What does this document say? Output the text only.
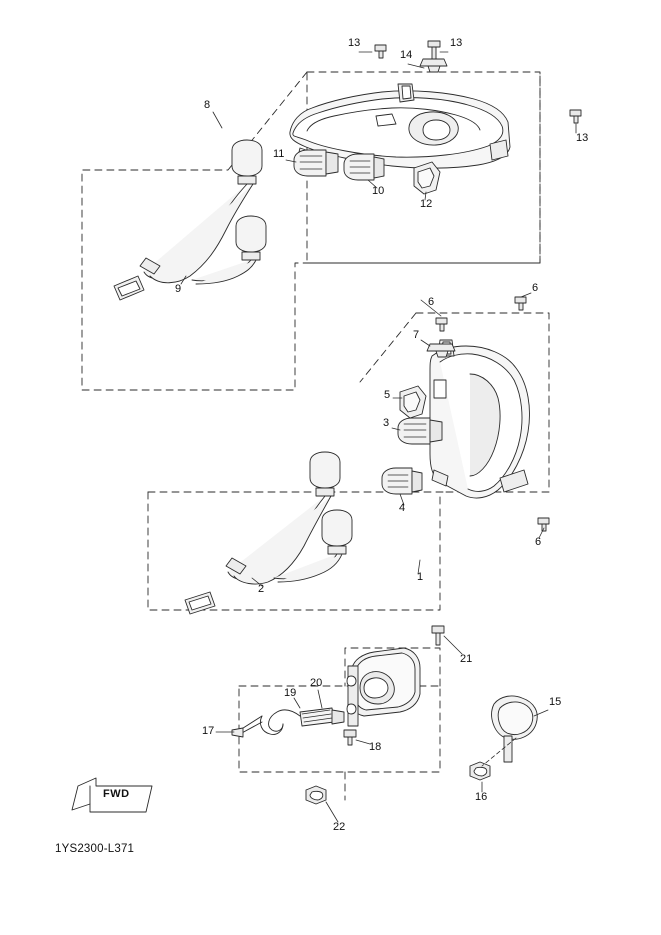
1
2
3
4
5
6
6
6
7
8
9
10
11
12
13	13
13
14
15
16
17
18
19
20
21
22
FWD
1YS2300-L371
